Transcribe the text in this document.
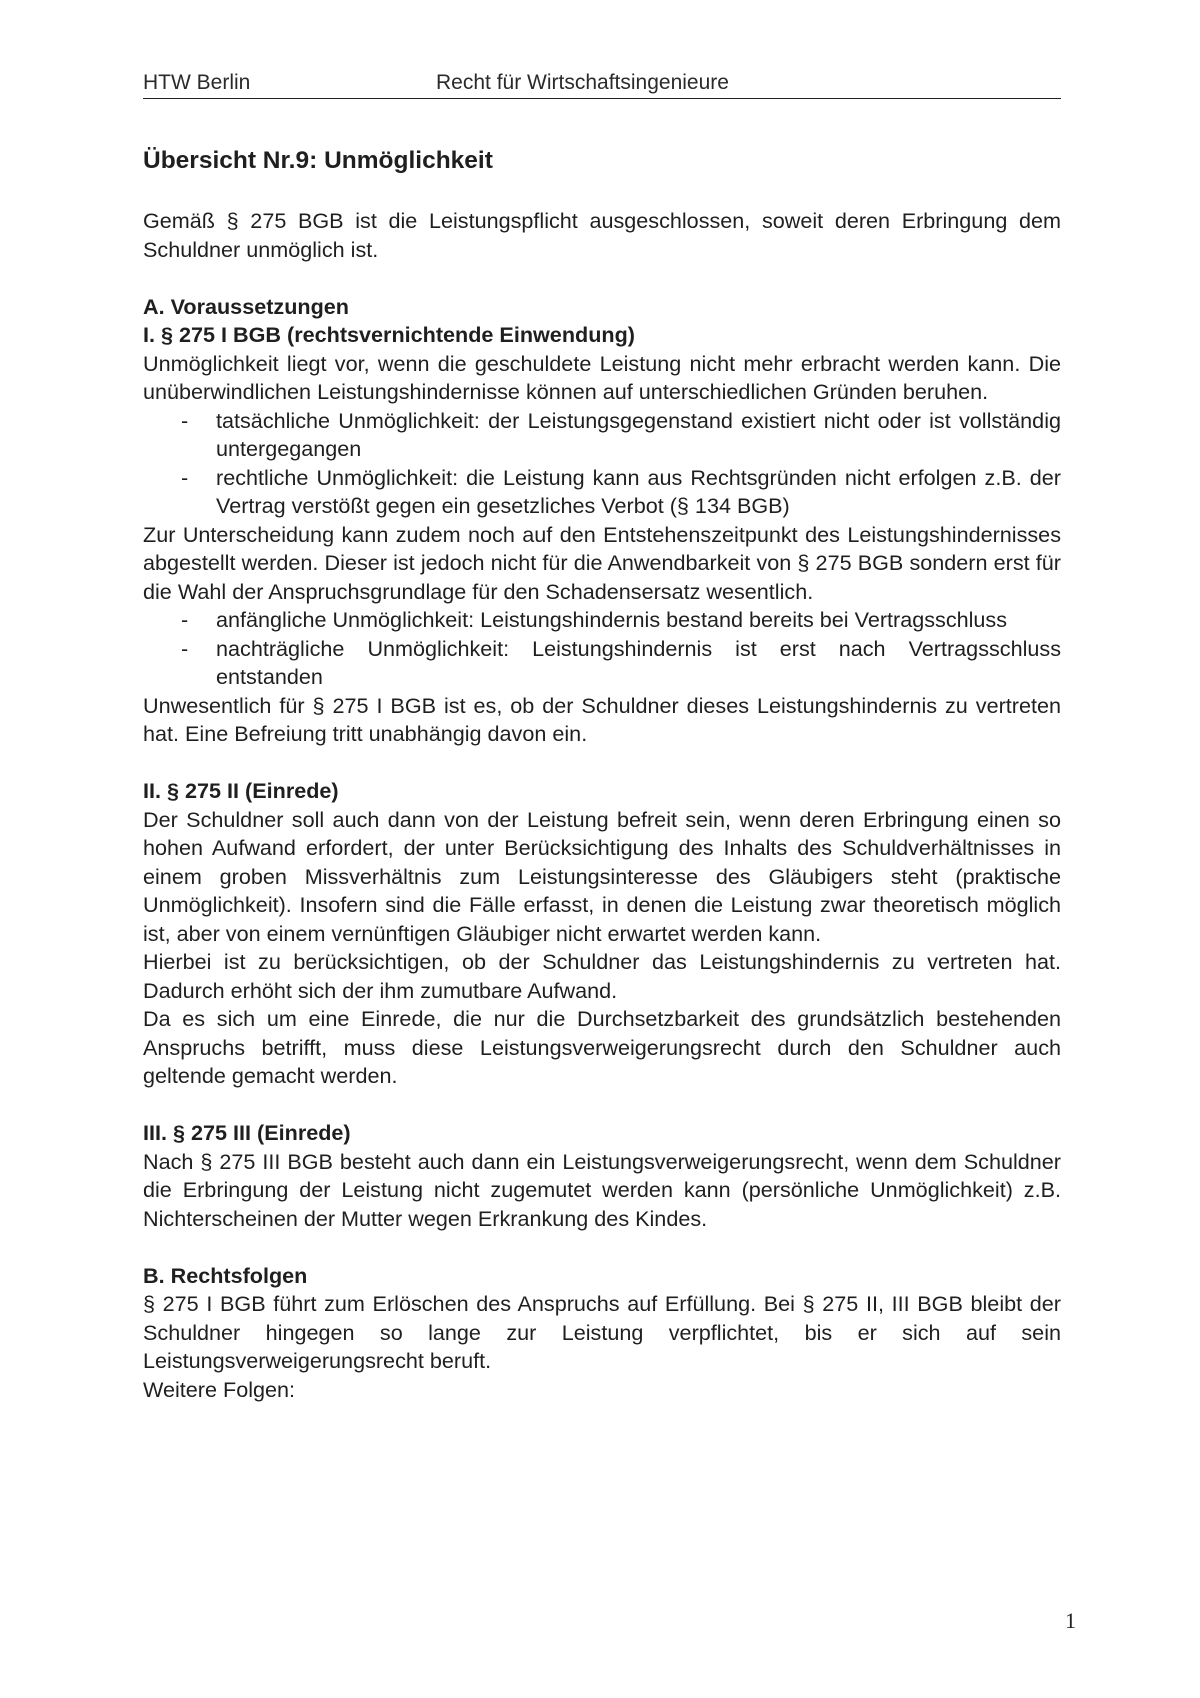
HTW Berlin	Recht für Wirtschaftsingenieure
Übersicht Nr.9: Unmöglichkeit

Gemäß § 275 BGB ist die Leistungspflicht ausgeschlossen, soweit deren Erbringung dem Schuldner unmöglich ist.

A. Voraussetzungen
I. § 275 I BGB (rechtsvernichtende Einwendung)

Unmöglichkeit liegt vor, wenn die geschuldete Leistung nicht mehr erbracht werden kann. Die unüberwindlichen Leistungshindernisse können auf unterschiedlichen Gründen beruhen.

- tatsächliche Unmöglichkeit: der Leistungsgegenstand existiert nicht oder ist vollständig untergegangen
- rechtliche Unmöglichkeit: die Leistung kann aus Rechtsgründen nicht erfolgen z.B. der Vertrag verstößt gegen ein gesetzliches Verbot (§ 134 BGB)

Zur Unterscheidung kann zudem noch auf den Entstehenszeitpunkt des Leistungshindernisses abgestellt werden. Dieser ist jedoch nicht für die Anwendbarkeit von § 275 BGB sondern erst für die Wahl der Anspruchsgrundlage für den Schadensersatz wesentlich.

- anfängliche Unmöglichkeit: Leistungshindernis bestand bereits bei Vertragsschluss
- nachträgliche Unmöglichkeit: Leistungshindernis ist erst nach Vertragsschluss entstanden

Unwesentlich für § 275 I BGB ist es, ob der Schuldner dieses Leistungshindernis zu vertreten hat. Eine Befreiung tritt unabhängig davon ein.

II. § 275 II (Einrede)

Der Schuldner soll auch dann von der Leistung befreit sein, wenn deren Erbringung einen so hohen Aufwand erfordert, der unter Berücksichtigung des Inhalts des Schuldverhältnisses in einem groben Missverhältnis zum Leistungsinteresse des Gläubigers steht (praktische Unmöglichkeit). Insofern sind die Fälle erfasst, in denen die Leistung zwar theoretisch möglich ist, aber von einem vernünftigen Gläubiger nicht erwartet werden kann.

Hierbei ist zu berücksichtigen, ob der Schuldner das Leistungshindernis zu vertreten hat. Dadurch erhöht sich der ihm zumutbare Aufwand.

Da es sich um eine Einrede, die nur die Durchsetzbarkeit des grundsätzlich bestehenden Anspruchs betrifft, muss diese Leistungsverweigerungsrecht durch den Schuldner auch geltende gemacht werden.

III. § 275 III (Einrede)

Nach § 275 III BGB besteht auch dann ein Leistungsverweigerungsrecht, wenn dem Schuldner die Erbringung der Leistung nicht zugemutet werden kann (persönliche Unmöglichkeit) z.B. Nichterscheinen der Mutter wegen Erkrankung des Kindes.

B. Rechtsfolgen

§ 275 I BGB führt zum Erlöschen des Anspruchs auf Erfüllung. Bei § 275 II, III BGB bleibt der Schuldner hingegen so lange zur Leistung verpflichtet, bis er sich auf sein Leistungsverweigerungsrecht beruft.

Weitere Folgen:

1
